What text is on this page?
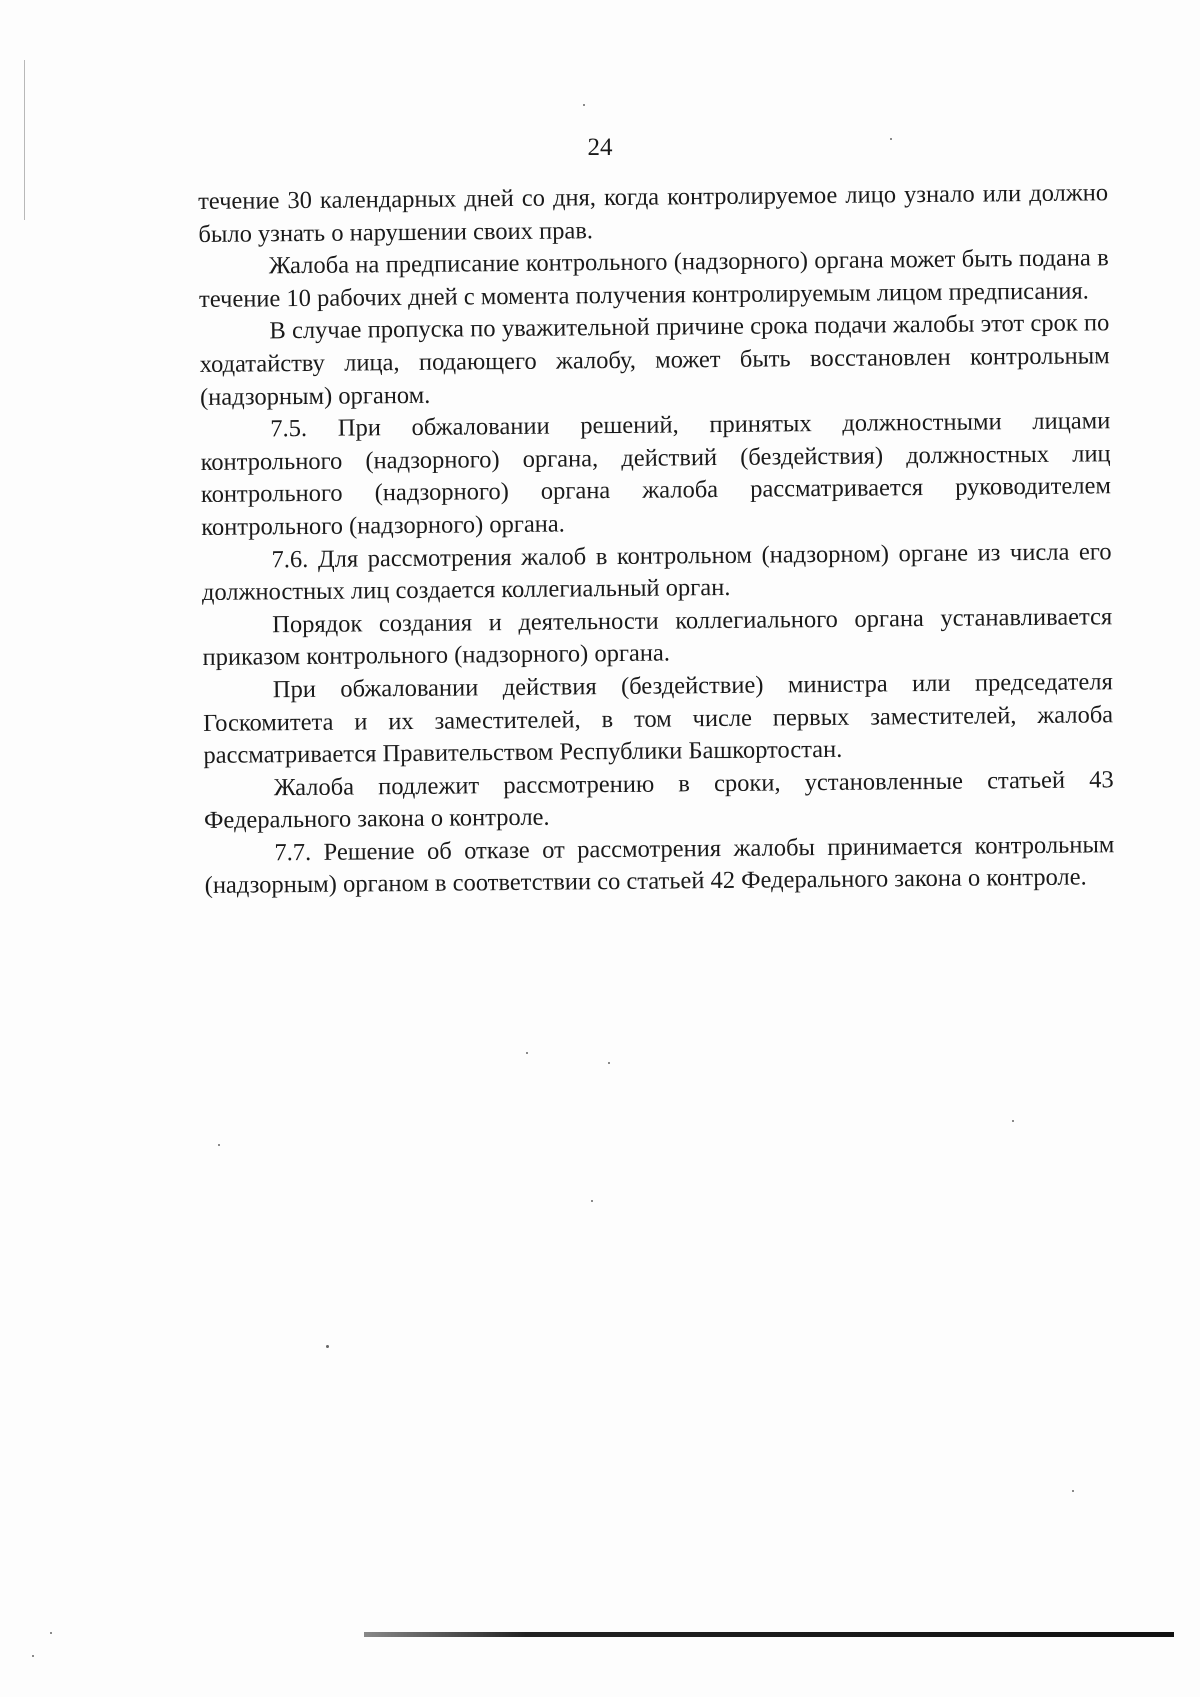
24

течение 30 календарных дней со дня, когда контролируемое лицо узнало или должно было узнать о нарушении своих прав.

Жалоба на предписание контрольного (надзорного) органа может быть подана в течение 10 рабочих дней с момента получения контролируемым лицом предписания.

В случае пропуска по уважительной причине срока подачи жалобы этот срок по ходатайству лица, подающего жалобу, может быть восстановлен контрольным (надзорным) органом.

7.5. При обжаловании решений, принятых должностными лицами контрольного (надзорного) органа, действий (бездействия) должностных лиц контрольного (надзорного) органа жалоба рассматривается руководителем контрольного (надзорного) органа.

7.6. Для рассмотрения жалоб в контрольном (надзорном) органе из числа его должностных лиц создается коллегиальный орган.

Порядок создания и деятельности коллегиального органа устанавливается приказом контрольного (надзорного) органа.

При обжаловании действия (бездействие) министра или председателя Госкомитета и их заместителей, в том числе первых заместителей, жалоба рассматривается Правительством Республики Башкортостан.

Жалоба подлежит рассмотрению в сроки, установленные статьей 43 Федерального закона о контроле.

7.7. Решение об отказе от рассмотрения жалобы принимается контрольным (надзорным) органом в соответствии со статьей 42 Федерального закона о контроле.
